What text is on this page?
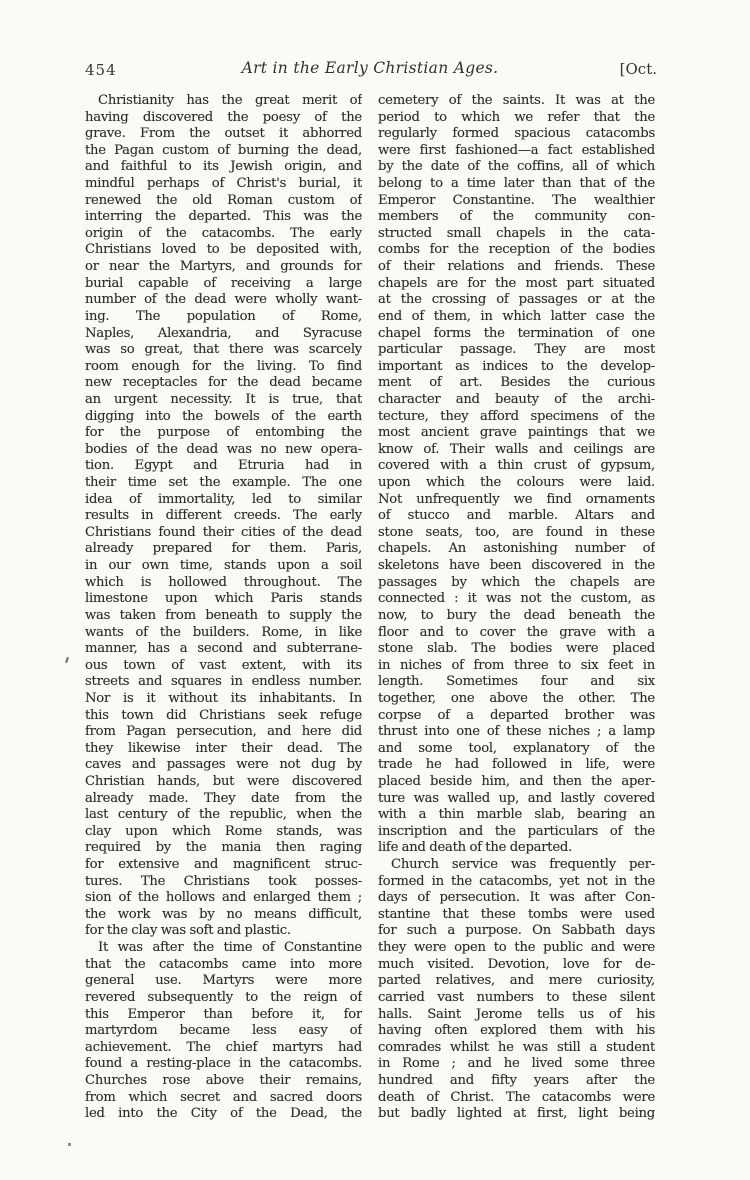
454	Art in the Early Christian Ages.	[Oct.
Christianity has the great merit of
having discovered the poesy of the
grave. From the outset it abhorred
the Pagan custom of burning the dead,
and faithful to its Jewish origin, and
mindful perhaps of Christ's burial, it
renewed the old Roman custom of
interring the departed. This was the
origin of the catacombs. The early
Christians loved to be deposited with,
or near the Martyrs, and grounds for
burial capable of receiving a large
number of the dead were wholly want-
ing. The population of Rome,
Naples, Alexandria, and Syracuse
was so great, that there was scarcely
room enough for the living. To find
new receptacles for the dead became
an urgent necessity. It is true, that
digging into the bowels of the earth
for the purpose of entombing the
bodies of the dead was no new opera-
tion. Egypt and Etruria had in
their time set the example. The one
idea of immortality, led to similar
results in different creeds. The early
Christians found their cities of the dead
already prepared for them. Paris,
in our own time, stands upon a soil
which is hollowed throughout. The
limestone upon which Paris stands
was taken from beneath to supply the
wants of the builders. Rome, in like
manner, has a second and subterrane-
ous town of vast extent, with its
streets and squares in endless number.
Nor is it without its inhabitants. In
this town did Christians seek refuge
from Pagan persecution, and here did
they likewise inter their dead. The
caves and passages were not dug by
Christian hands, but were discovered
already made. They date from the
last century of the republic, when the
clay upon which Rome stands, was
required by the mania then raging
for extensive and magnificent struc-
tures. The Christians took posses-
sion of the hollows and enlarged them ;
the work was by no means difficult,
for the clay was soft and plastic.
It was after the time of Constantine
that the catacombs came into more
general use. Martyrs were more
revered subsequently to the reign of
this Emperor than before it, for
martyrdom became less easy of
achievement. The chief martyrs had
found a resting-place in the catacombs.
Churches rose above their remains,
from which secret and sacred doors
led into the City of the Dead, the
cemetery of the saints. It was at the
period to which we refer that the
regularly formed spacious catacombs
were first fashioned—a fact established
by the date of the coffins, all of which
belong to a time later than that of the
Emperor Constantine. The wealthier
members of the community con-
structed small chapels in the cata-
combs for the reception of the bodies
of their relations and friends. These
chapels are for the most part situated
at the crossing of passages or at the
end of them, in which latter case the
chapel forms the termination of one
particular passage. They are most
important as indices to the develop-
ment of art. Besides the curious
character and beauty of the archi-
tecture, they afford specimens of the
most ancient grave paintings that we
know of. Their walls and ceilings are
covered with a thin crust of gypsum,
upon which the colours were laid.
Not unfrequently we find ornaments
of stucco and marble. Altars and
stone seats, too, are found in these
chapels. An astonishing number of
skeletons have been discovered in the
passages by which the chapels are
connected : it was not the custom, as
now, to bury the dead beneath the
floor and to cover the grave with a
stone slab. The bodies were placed
in niches of from three to six feet in
length. Sometimes four and six
together, one above the other. The
corpse of a departed brother was
thrust into one of these niches ; a lamp
and some tool, explanatory of the
trade he had followed in life, were
placed beside him, and then the aper-
ture was walled up, and lastly covered
with a thin marble slab, bearing an
inscription and the particulars of the
life and death of the departed.
Church service was frequently per-
formed in the catacombs, yet not in the
days of persecution. It was after Con-
stantine that these tombs were used
for such a purpose. On Sabbath days
they were open to the public and were
much visited. Devotion, love for de-
parted relatives, and mere curiosity,
carried vast numbers to these silent
halls. Saint Jerome tells us of his
having often explored them with his
comrades whilst he was still a student
in Rome ; and he lived some three
hundred and fifty years after the
death of Christ. The catacombs were
but badly lighted at first, light being
